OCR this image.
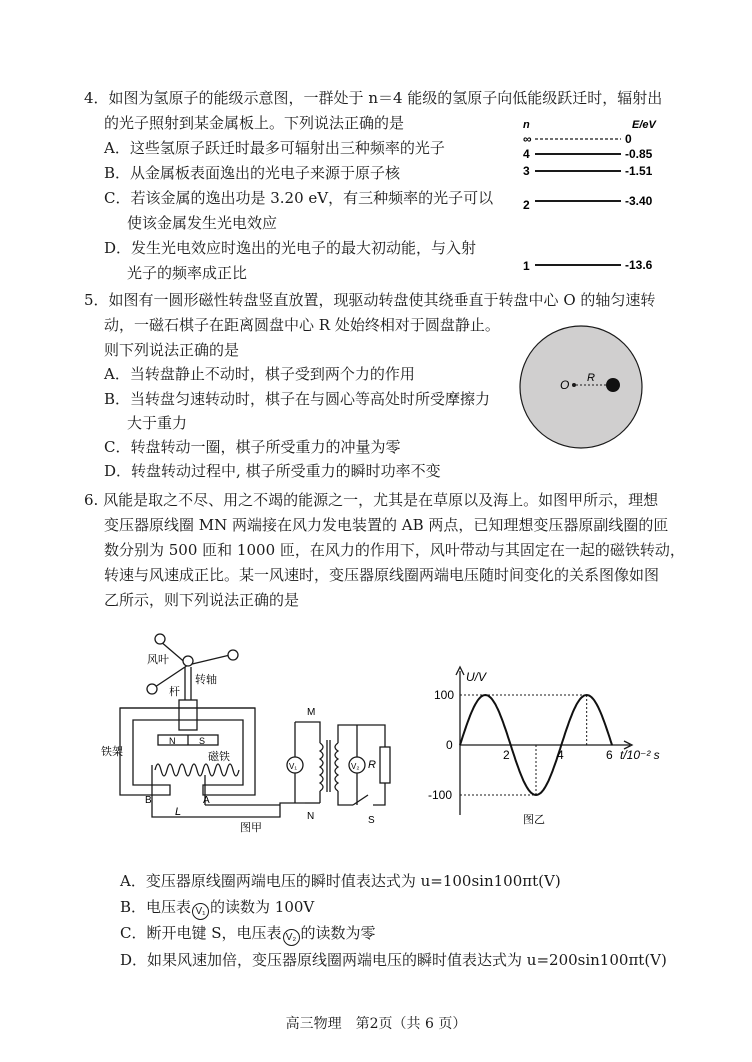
4．如图为氢原子的能级示意图，一群处于 n＝4 能级的氢原子向低能级跃迁时，辐射出
的光子照射到某金属板上。下列说法正确的是
A．这些氢原子跃迁时最多可辐射出三种频率的光子
B．从金属板表面逸出的光电子来源于原子核
C．若该金属的逸出功是 3.20 eV，有三种频率的光子可以
使该金属发生光电效应
D．发生光电效应时逸出的光电子的最大初动能，与入射
光子的频率成正比
n	E/eV
∞	0
4	-0.85
3	-1.51
2	-3.40
1	-13.6
5．如图有一圆形磁性转盘竖直放置，现驱动转盘使其绕垂直于转盘中心 O 的轴匀速转
动，一磁石棋子在距离圆盘中心 R 处始终相对于圆盘静止。
则下列说法正确的是
A．当转盘静止不动时，棋子受到两个力的作用
B．当转盘匀速转动时，棋子在与圆心等高处时所受摩擦力
大于重力
C．转盘转动一圈，棋子所受重力的冲量为零
D．转盘转动过程中, 棋子所受重力的瞬时功率不变
O R
6. 风能是取之不尽、用之不竭的能源之一，尤其是在草原以及海上。如图甲所示，理想
变压器原线圈 MN 两端接在风力发电装置的 AB 两点，已知理想变压器原副线圈的匝
数分别为 500 匝和 1000 匝，在风力的作用下，风叶带动与其固定在一起的磁铁转动，
转速与风速成正比。某一风速时，变压器原线圈两端电压随时间变化的关系图像如图
乙所示，则下列说法正确的是
风叶
转轴
杆
铁架	磁铁
N	S
L
A
B
M
N
V₁	V₂ R
S
图甲
U/V
100
0
-100
2	4	6 t/10⁻² s
图乙
A．变压器原线圈两端电压的瞬时值表达式为 u=100sin100πt(V)
B．电压表 V₁ 的读数为 100V
C．断开电键 S，电压表 V₂ 的读数为零
D．如果风速加倍，变压器原线圈两端电压的瞬时值表达式为 u=200sin100πt(V)
高三物理　第2页（共 6 页）
